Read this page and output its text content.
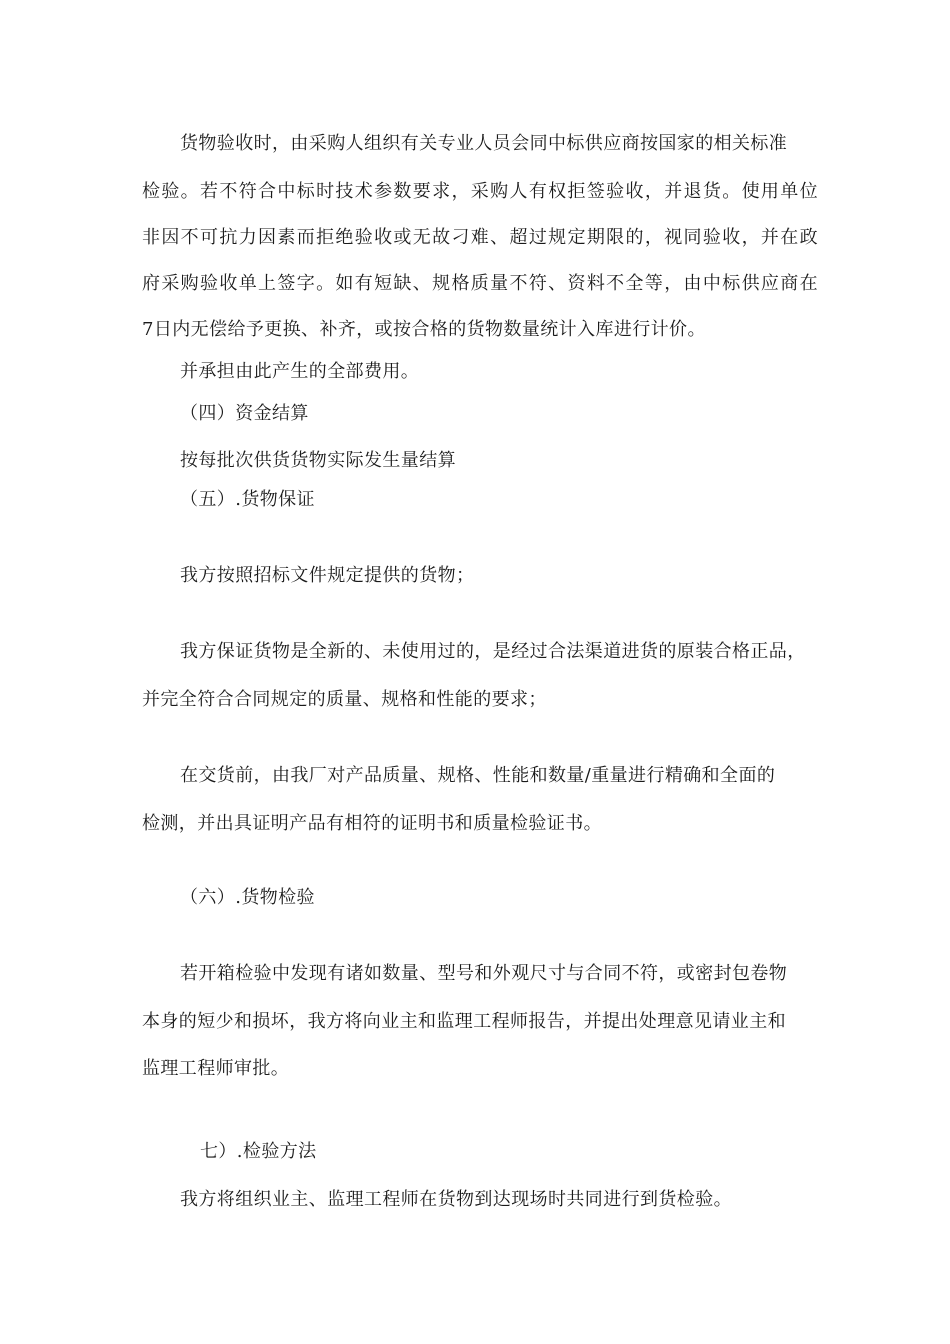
货物验收时，由采购人组织有关专业人员会同中标供应商按国家的相关标准
检验。若不符合中标时技术参数要求，采购人有权拒签验收，并退货。使用单位
非因不可抗力因素而拒绝验收或无故刁难、超过规定期限的，视同验收，并在政
府采购验收单上签字。如有短缺、规格质量不符、资料不全等，由中标供应商在
7日内无偿给予更换、补齐，或按合格的货物数量统计入库进行计价。
并承担由此产生的全部费用。
（四）资金结算
按每批次供货货物实际发生量结算
（五）.货物保证
我方按照招标文件规定提供的货物；
我方保证货物是全新的、未使用过的，是经过合法渠道进货的原装合格正品，
并完全符合合同规定的质量、规格和性能的要求；
在交货前，由我厂对产品质量、规格、性能和数量/重量进行精确和全面的
检测，并出具证明产品有相符的证明书和质量检验证书。
（六）.货物检验
若开箱检验中发现有诸如数量、型号和外观尺寸与合同不符，或密封包卷物
本身的短少和损坏，我方将向业主和监理工程师报告，并提出处理意见请业主和
监理工程师审批。
七）.检验方法
我方将组织业主、监理工程师在货物到达现场时共同进行到货检验。
